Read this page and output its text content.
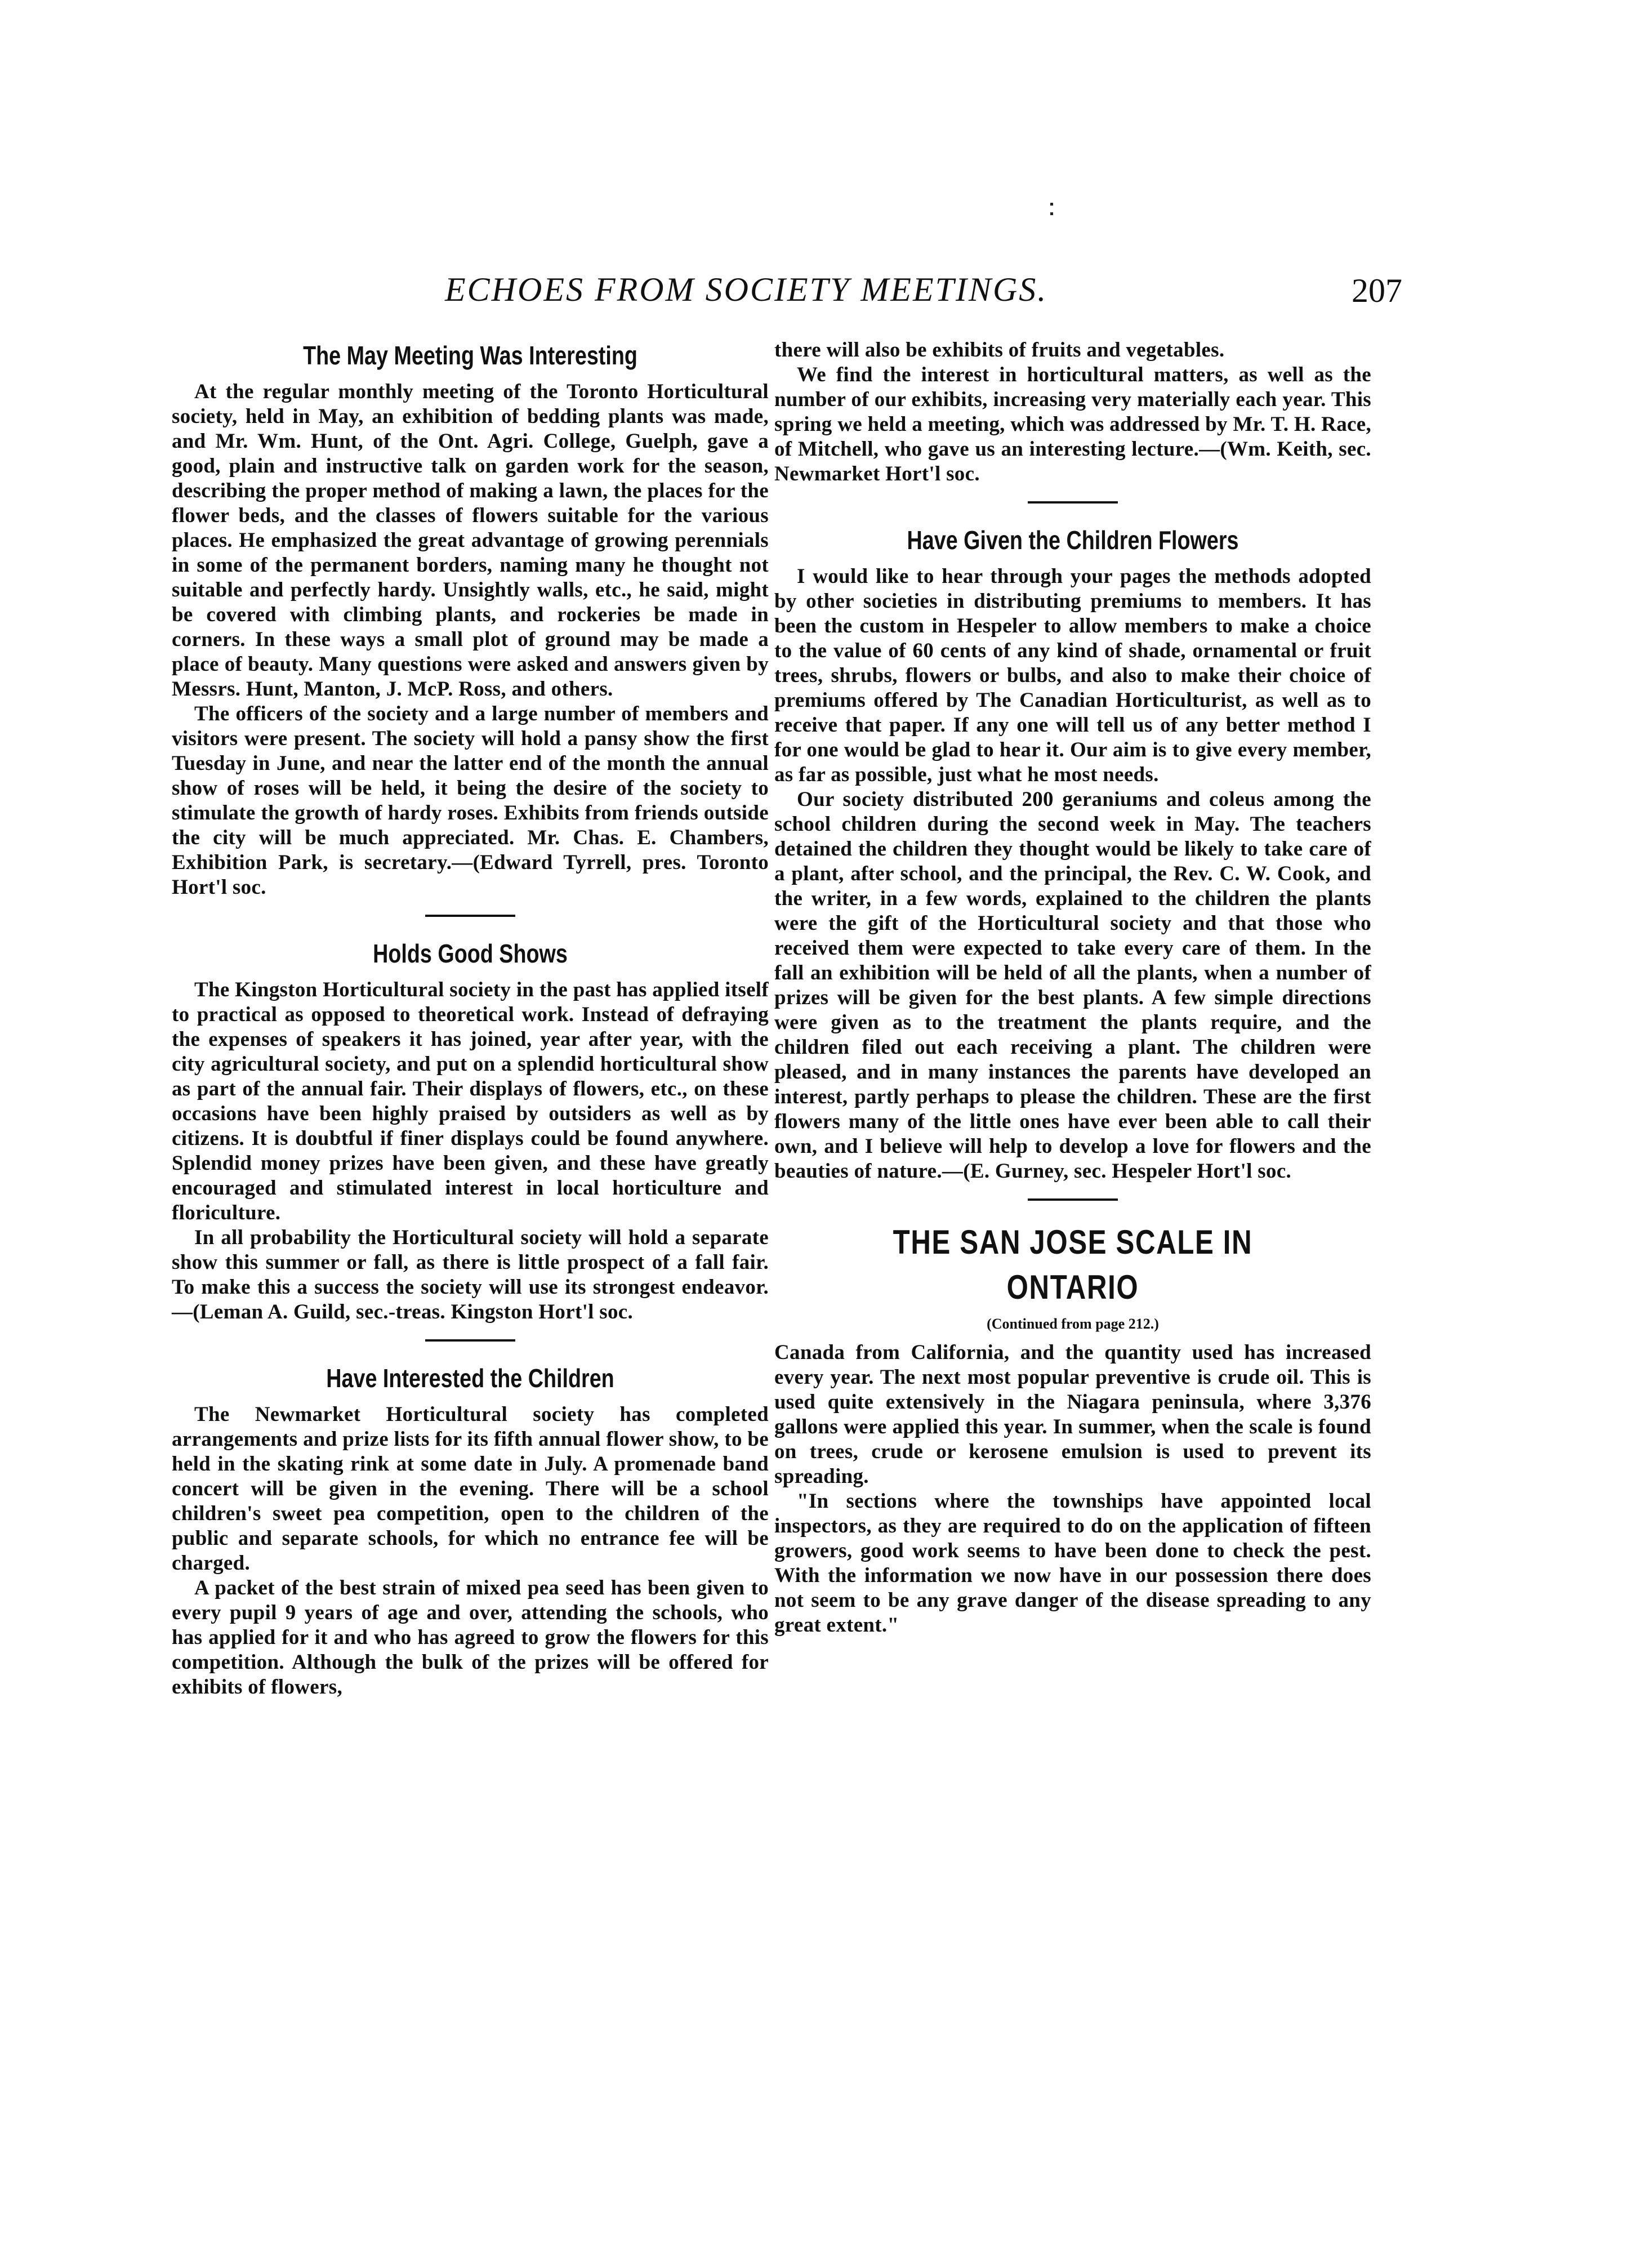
ECHOES FROM SOCIETY MEETINGS.	207
The May Meeting Was Interesting

At the regular monthly meeting of the Toronto Horticultural society, held in May, an exhibition of bedding plants was made, and Mr. Wm. Hunt, of the Ont. Agri. College, Guelph, gave a good, plain and instructive talk on garden work for the season, describing the proper method of making a lawn, the places for the flower beds, and the classes of flowers suitable for the various places. He emphasized the great advantage of growing perennials in some of the permanent borders, naming many he thought not suitable and perfectly hardy. Unsightly walls, etc., he said, might be covered with climbing plants, and rockeries be made in corners. In these ways a small plot of ground may be made a place of beauty. Many questions were asked and answers given by Messrs. Hunt, Manton, J. McP. Ross, and others.

The officers of the society and a large number of members and visitors were present. The society will hold a pansy show the first Tuesday in June, and near the latter end of the month the annual show of roses will be held, it being the desire of the society to stimulate the growth of hardy roses. Exhibits from friends outside the city will be much appreciated. Mr. Chas. E. Chambers, Exhibition Park, is secretary.—(Edward Tyrrell, pres. Toronto Hort'l soc.

Holds Good Shows

The Kingston Horticultural society in the past has applied itself to practical as opposed to theoretical work. Instead of defraying the expenses of speakers it has joined, year after year, with the city agricultural society, and put on a splendid horticultural show as part of the annual fair. Their displays of flowers, etc., on these occasions have been highly praised by outsiders as well as by citizens. It is doubtful if finer displays could be found anywhere. Splendid money prizes have been given, and these have greatly encouraged and stimulated interest in local horticulture and floriculture.

In all probability the Horticultural society will hold a separate show this summer or fall, as there is little prospect of a fall fair. To make this a success the society will use its strongest endeavor.—(Leman A. Guild, sec.-treas. Kingston Hort'l soc.

Have Interested the Children

The Newmarket Horticultural society has completed arrangements and prize lists for its fifth annual flower show, to be held in the skating rink at some date in July. A promenade band concert will be given in the evening. There will be a school children's sweet pea competition, open to the children of the public and separate schools, for which no entrance fee will be charged.

A packet of the best strain of mixed pea seed has been given to every pupil 9 years of age and over, attending the schools, who has applied for it and who has agreed to grow the flowers for this competition. Although the bulk of the prizes will be offered for exhibits of flowers,

there will also be exhibits of fruits and vegetables.

We find the interest in horticultural matters, as well as the number of our exhibits, increasing very materially each year. This spring we held a meeting, which was addressed by Mr. T. H. Race, of Mitchell, who gave us an interesting lecture.—(Wm. Keith, sec. Newmarket Hort'l soc.

Have Given the Children Flowers

I would like to hear through your pages the methods adopted by other societies in distributing premiums to members. It has been the custom in Hespeler to allow members to make a choice to the value of 60 cents of any kind of shade, ornamental or fruit trees, shrubs, flowers or bulbs, and also to make their choice of premiums offered by The Canadian Horticulturist, as well as to receive that paper. If any one will tell us of any better method I for one would be glad to hear it. Our aim is to give every member, as far as possible, just what he most needs.

Our society distributed 200 geraniums and coleus among the school children during the second week in May. The teachers detained the children they thought would be likely to take care of a plant, after school, and the principal, the Rev. C. W. Cook, and the writer, in a few words, explained to the children the plants were the gift of the Horticultural society and that those who received them were expected to take every care of them. In the fall an exhibition will be held of all the plants, when a number of prizes will be given for the best plants. A few simple directions were given as to the treatment the plants require, and the children filed out each receiving a plant. The children were pleased, and in many instances the parents have developed an interest, partly perhaps to please the children. These are the first flowers many of the little ones have ever been able to call their own, and I believe will help to develop a love for flowers and the beauties of nature.—(E. Gurney, sec. Hespeler Hort'l soc.

THE SAN JOSE SCALE IN ONTARIO
(Continued from page 212.)

Canada from California, and the quantity used has increased every year. The next most popular preventive is crude oil. This is used quite extensively in the Niagara peninsula, where 3,376 gallons were applied this year. In summer, when the scale is found on trees, crude or kerosene emulsion is used to prevent its spreading.

"In sections where the townships have appointed local inspectors, as they are required to do on the application of fifteen growers, good work seems to have been done to check the pest. With the information we now have in our possession there does not seem to be any grave danger of the disease spreading to any great extent."
